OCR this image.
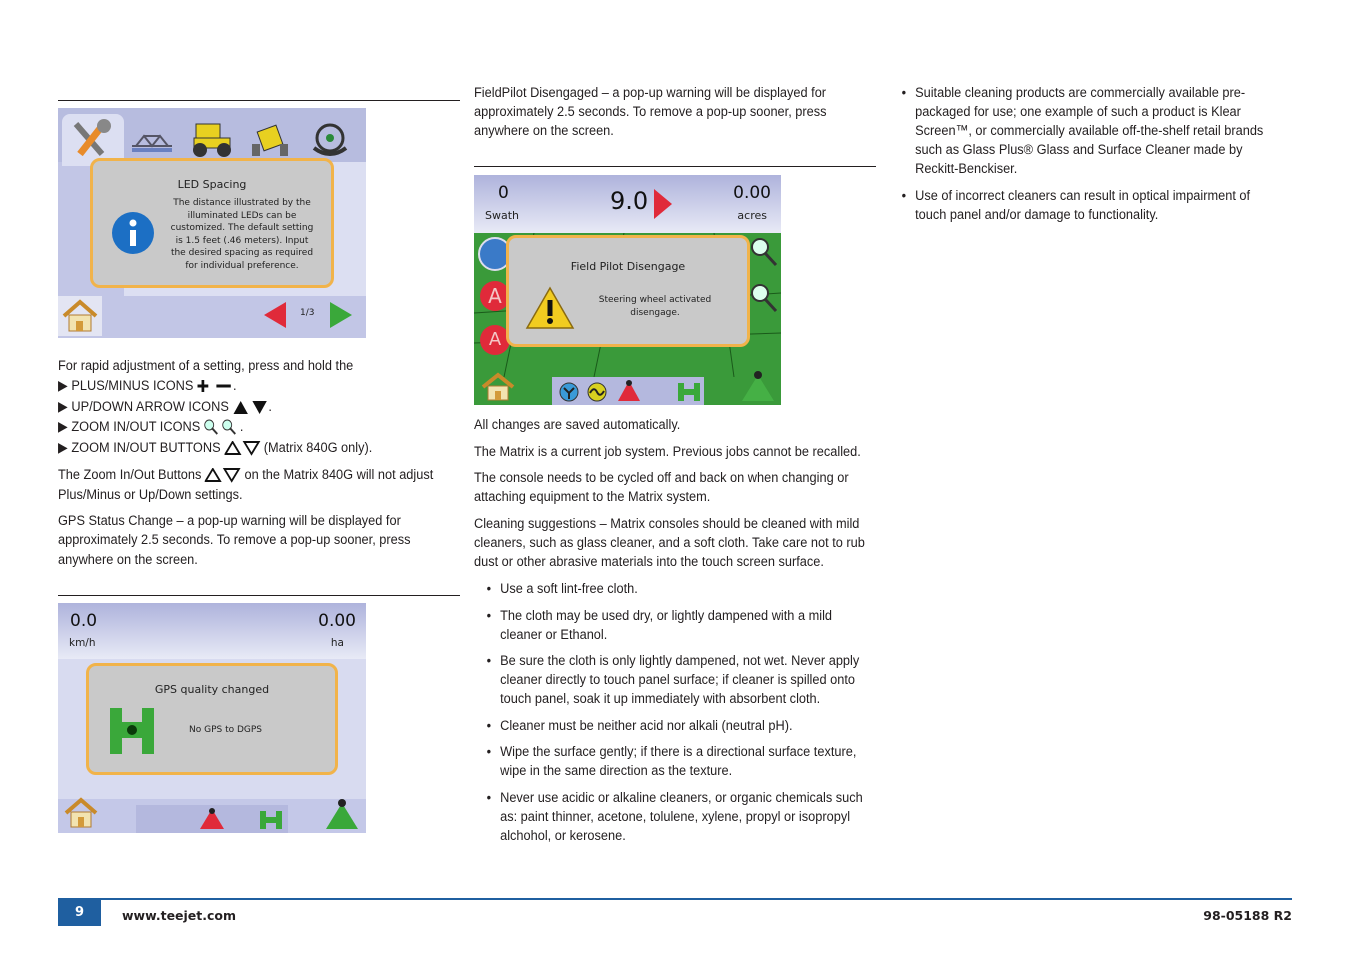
LED Spacing
The distance illustrated by the
illuminated LEDs can be
customized. The default setting
is 1.5 feet (.46 meters). Input
the desired spacing as required
for individual preference.
1/3
For rapid adjustment of a setting, press and hold the
▶ PLUS/MINUS ICONS	.
▶ UP/DOWN ARROW ICONS	.
▶ ZOOM IN/OUT ICONS	.
▶ ZOOM IN/OUT BUTTONS	(Matrix 840G only).
The Zoom In/Out Buttons	on the Matrix 840G will not adjust
Plus/Minus or Up/Down settings.
GPS Status Change – a pop-up warning will be displayed for
approximately 2.5 seconds. To remove a pop-up sooner, press
anywhere on the screen.
0.0
km/h
0.00
ha
GPS quality changed
No GPS to DGPS
FieldPilot Disengaged – a pop-up warning will be displayed for
approximately 2.5 seconds. To remove a pop-up sooner, press
anywhere on the screen.
0
Swath
9.0	0.00
acres
A
A
Field Pilot Disengage
Steering wheel activated
disengage.
All changes are saved automatically.
The Matrix is a current job system. Previous jobs cannot be recalled.
The console needs to be cycled off and back on when changing or
attaching equipment to the Matrix system.
Cleaning suggestions – Matrix consoles should be cleaned with mild
cleaners, such as glass cleaner, and a soft cloth. Take care not to rub
dust or other abrasive materials into the touch screen surface.
• Use a soft lint-free cloth.
• The cloth may be used dry, or lightly dampened with a mild
cleaner or Ethanol.
• Be sure the cloth is only lightly dampened, not wet. Never apply
cleaner directly to touch panel surface; if cleaner is spilled onto
touch panel, soak it up immediately with absorbent cloth.
• Cleaner must be neither acid nor alkali (neutral pH).
• Wipe the surface gently; if there is a directional surface texture,
wipe in the same direction as the texture.
• Never use acidic or alkaline cleaners, or organic chemicals such
as: paint thinner, acetone, tolulene, xylene, propyl or isopropyl
alchohol, or kerosene.
• Suitable cleaning products are commercially available pre-
packaged for use; one example of such a product is Klear
Screen™, or commercially available off-the-shelf retail brands
such as Glass Plus® Glass and Surface Cleaner made by
Reckitt-Benckiser.
• Use of incorrect cleaners can result in optical impairment of
touch panel and/or damage to functionality.
9	www.teejet.com	98-05188 R2
